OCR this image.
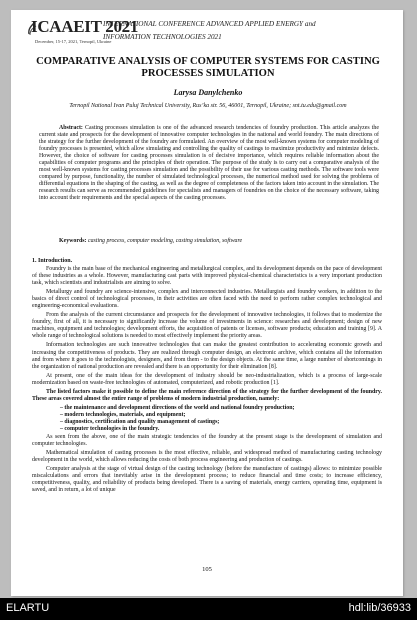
ICAAEIT 2021
December, 15-17, 2021, Ternopil, Ukraine
INTERNATIONAL CONFERENCE ADVANCED APPLIED ENERGY and
INFORMATION TECHNOLOGIES 2021
COMPARATIVE ANALYSIS OF COMPUTER SYSTEMS FOR CASTING PROCESSES SIMULATION
Larysa Danylchenko
Ternopil National Ivan Puluj Technical University, Rus’ka str. 56, 46001, Ternopil, Ukraine; snt.tu.edu@gmail.com
Abstract: Casting processes simulation is one of the advanced research tendencies of foundry production. This article analyzes the current state and prospects for the development of innovative computer technologies in the national and world foundry. The main directions of the strategy for the further development of the foundry are formulated. An overview of the most well-known systems for computer modeling of foundry processes is presented, which allow simulating and controlling the quality of castings to maximize productivity and minimize defects. However, the choice of software for casting processes simulation is of decisive importance, which requires reliable information about the capabilities of computer programs and the principles of their operation. The purpose of the study is to carry out a comparative analysis of the most well-known systems for casting processes simulation and the possibility of their use for various casting methods. The software tools were compared by purpose, functionality, the number of simulated technological processes, the numerical method used for solving the problems of differential equations in the shaping of the casting, as well as the degree of completeness of the factors taken into account in the simulation. The research results can serve as recommended guidelines for specialists and managers of foundries on the choice of the necessary software, taking into account their requirements and the special aspects of the casting processes.
Keywords: casting process, computer modeling, casting simulation, software
1. Introduction.

Foundry is the main base of the mechanical engineering and metallurgical complex, and its development depends on the pace of development of these industries as a whole. However, manufacturing cast parts with improved physical-chemical characteristics is a very important production task, which scientists and industrialists are aiming to solve.

Metallurgy and foundry are science-intensive, complex and interconnected industries. Metallurgists and foundry workers, in addition to the basics of direct control of technological processes, in their activities are often faced with the need to perform rather complex technological and engineering-economical evaluations.

From the analysis of the current circumstance and prospects for the development of innovative technologies, it follows that to modernize the foundry, first of all, it is necessary to significantly increase the volume of investments in science: researches and development; design of new machines, equipment and technologies; development efforts, the acquisition of patents or licenses, software products; education and training [9]. A whole range of technological solutions is needed to most effectively implement the priority areas.

Information technologies are such innovative technologies that can make the greatest contribution to accelerating economic growth and increasing the competitiveness of products. They are realized through computer design, an electronic archive, which contains all the information and from where it goes to the technologists, designers, and from them - to the design objects. At the same time, a large number of shortcomings in the organization of national production are revealed and there is an opportunity for their elimination [8].

At present, one of the main ideas for the development of industry should be neo-industrialization, which is a process of large-scale modernization based on waste-free technologies of automated, computerized, and robotic production [1].

The listed factors make it possible to define the main reference direction of the strategy for the further development of the foundry. These areas covered almost the entire range of problems of modern industrial production, namely:

– the maintenance and development directions of the world and national foundry production;
– modern technologies, materials, and equipment;
– diagnostics, certification and quality management of castings;
– computer technologies in the foundry.

As seen from the above, one of the main strategic tendencies of the foundry at the present stage is the development of simulation and computer technologies.

Mathematical simulation of casting processes is the most effective, reliable, and widespread method of manufacturing casting technology development in the world, which allows reducing the costs of both process engineering and production of castings.

Computer analysis at the stage of virtual design of the casting technology (before the manufacture of castings) allows: to minimize possible miscalculations and errors that inevitably arise in the development process; to reduce financial and time costs; to increase efficiency, competitiveness, quality, and reliability of products being developed. There is a saving of materials, energy carriers, operating time, equipment is saved, and in return, a lot of unique

105
ELARTU	hdl:lib/36933
